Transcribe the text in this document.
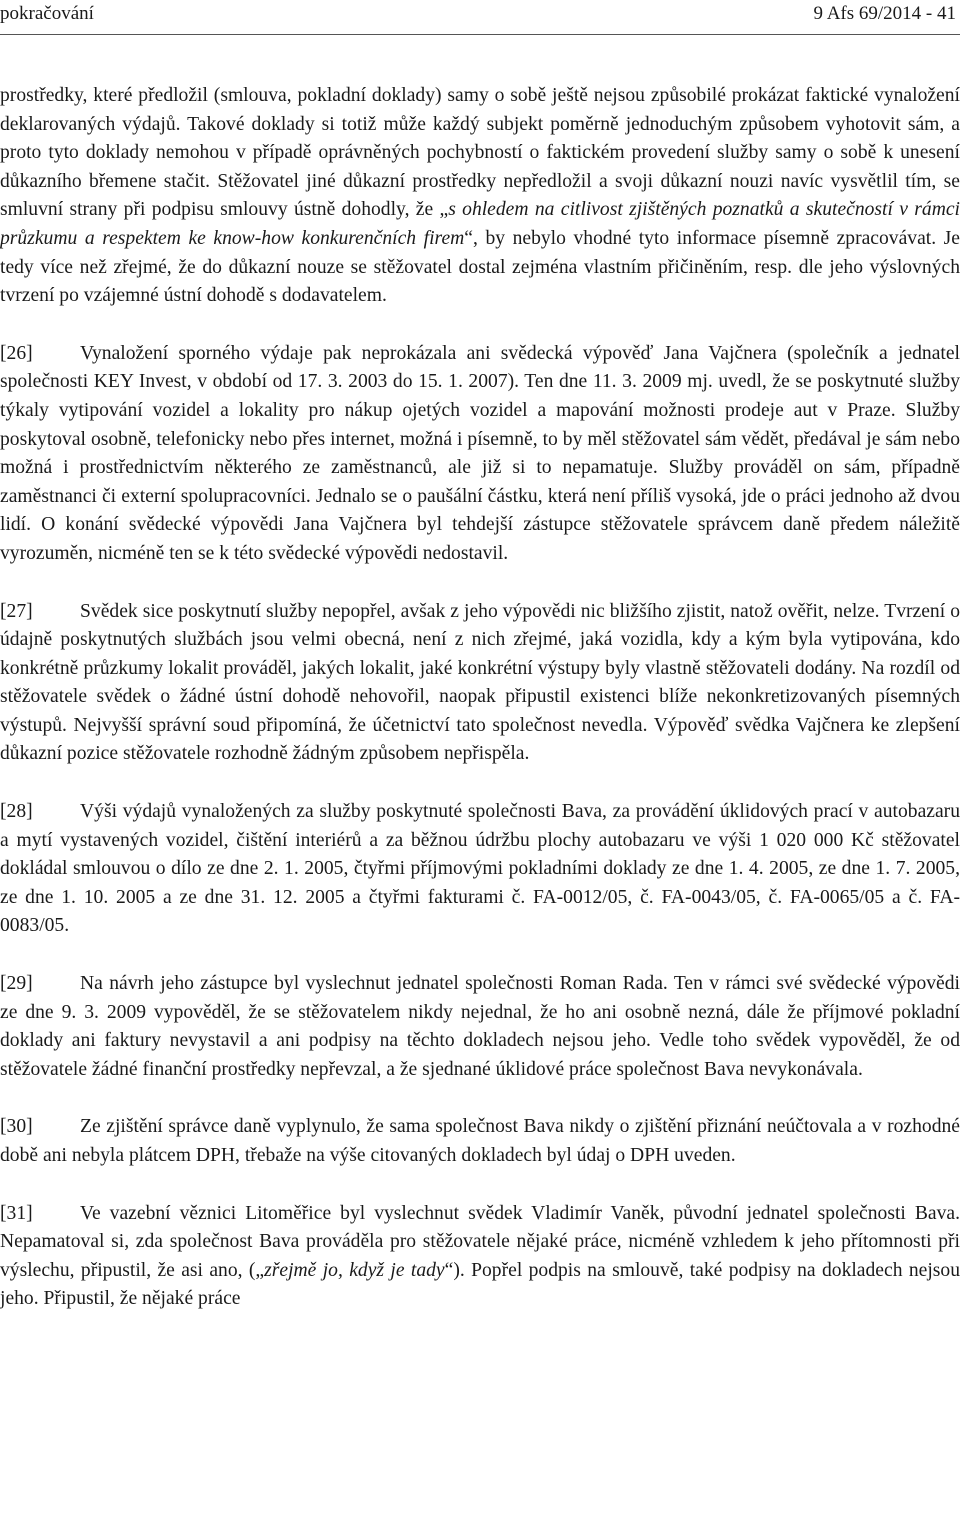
pokračování	9 Afs 69/2014 - 41

prostředky, které předložil (smlouva, pokladní doklady) samy o sobě ještě nejsou způsobilé prokázat faktické vynaložení deklarovaných výdajů. Takové doklady si totiž může každý subjekt poměrně jednoduchým způsobem vyhotovit sám, a proto tyto doklady nemohou v případě oprávněných pochybností o faktickém provedení služby samy o sobě k unesení důkazního břemene stačit. Stěžovatel jiné důkazní prostředky nepředložil a svoji důkazní nouzi navíc vysvětlil tím, se smluvní strany při podpisu smlouvy ústně dohodly, že „s ohledem na citlivost zjištěných poznatků a skutečností v rámci průzkumu a respektem ke know-how konkurenčních firem“, by nebylo vhodné tyto informace písemně zpracovávat. Je tedy více než zřejmé, že do důkazní nouze se stěžovatel dostal zejména vlastním přičiněním, resp. dle jeho výslovných tvrzení po vzájemné ústní dohodě s dodavatelem.

[26] Vynaložení sporného výdaje pak neprokázala ani svědecká výpověď Jana Vajčnera (společník a jednatel společnosti KEY Invest, v období od 17. 3. 2003 do 15. 1. 2007). Ten dne 11. 3. 2009 mj. uvedl, že se poskytnuté služby týkaly vytipování vozidel a lokality pro nákup ojetých vozidel a mapování možnosti prodeje aut v Praze. Služby poskytoval osobně, telefonicky nebo přes internet, možná i písemně, to by měl stěžovatel sám vědět, předával je sám nebo možná i prostřednictvím některého ze zaměstnanců, ale již si to nepamatuje. Služby prováděl on sám, případně zaměstnanci či externí spolupracovníci. Jednalo se o paušální částku, která není příliš vysoká, jde o práci jednoho až dvou lidí. O konání svědecké výpovědi Jana Vajčnera byl tehdejší zástupce stěžovatele správcem daně předem náležitě vyrozuměn, nicméně ten se k této svědecké výpovědi nedostavil.

[27] Svědek sice poskytnutí služby nepopřel, avšak z jeho výpovědi nic bližšího zjistit, natož ověřit, nelze. Tvrzení o údajně poskytnutých službách jsou velmi obecná, není z nich zřejmé, jaká vozidla, kdy a kým byla vytipována, kdo konkrétně průzkumy lokalit prováděl, jakých lokalit, jaké konkrétní výstupy byly vlastně stěžovateli dodány. Na rozdíl od stěžovatele svědek o žádné ústní dohodě nehovořil, naopak připustil existenci blíže nekonkretizovaných písemných výstupů. Nejvyšší správní soud připomíná, že účetnictví tato společnost nevedla. Výpověď svědka Vajčnera ke zlepšení důkazní pozice stěžovatele rozhodně žádným způsobem nepřispěla.

[28] Výši výdajů vynaložených za služby poskytnuté společnosti Bava, za provádění úklidových prací v autobazaru a mytí vystavených vozidel, čištění interiérů a za běžnou údržbu plochy autobazaru ve výši 1 020 000 Kč stěžovatel dokládal smlouvou o dílo ze dne 2. 1. 2005, čtyřmi příjmovými pokladními doklady ze dne 1. 4. 2005, ze dne 1. 7. 2005, ze dne 1. 10. 2005 a ze dne 31. 12. 2005 a čtyřmi fakturami č. FA-0012/05, č. FA-0043/05, č. FA-0065/05 a č. FA-0083/05.

[29] Na návrh jeho zástupce byl vyslechnut jednatel společnosti Roman Rada. Ten v rámci své svědecké výpovědi ze dne 9. 3. 2009 vypověděl, že se stěžovatelem nikdy nejednal, že ho ani osobně nezná, dále že příjmové pokladní doklady ani faktury nevystavil a ani podpisy na těchto dokladech nejsou jeho. Vedle toho svědek vypověděl, že od stěžovatele žádné finanční prostředky nepřevzal, a že sjednané úklidové práce společnost Bava nevykonávala.

[30] Ze zjištění správce daně vyplynulo, že sama společnost Bava nikdy o zjištění přiznání neúčtovala a v rozhodné době ani nebyla plátcem DPH, třebaže na výše citovaných dokladech byl údaj o DPH uveden.

[31] Ve vazební věznici Litoměřice byl vyslechnut svědek Vladimír Vaněk, původní jednatel společnosti Bava. Nepamatoval si, zda společnost Bava prováděla pro stěžovatele nějaké práce, nicméně vzhledem k jeho přítomnosti při výslechu, připustil, že asi ano, („zřejmě jo, když je tady“). Popřel podpis na smlouvě, také podpisy na dokladech nejsou jeho. Připustil, že nějaké práce
